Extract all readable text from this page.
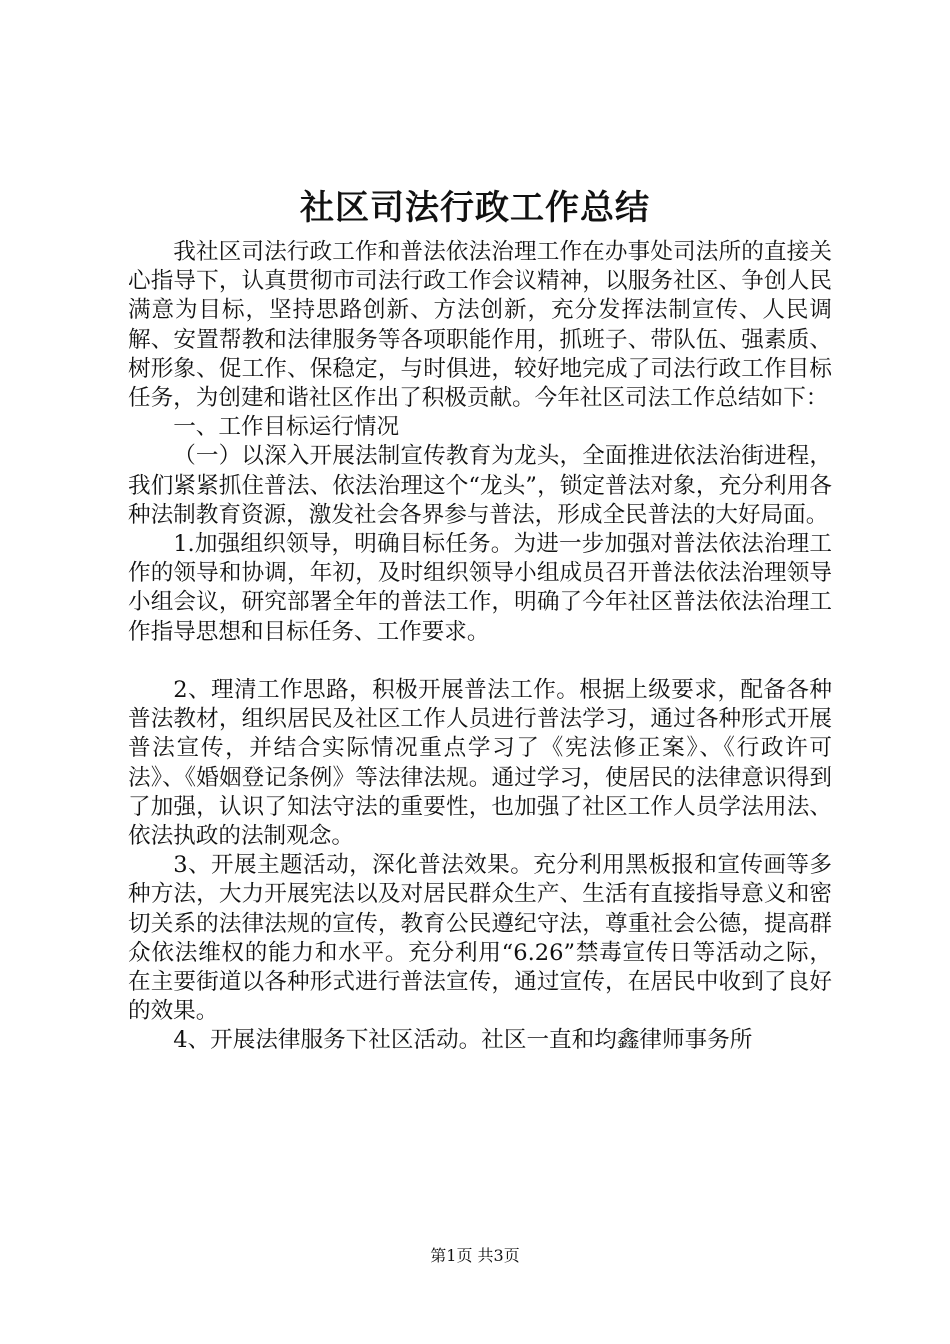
社区司法行政工作总结

我社区司法行政工作和普法依法治理工作在办事处司法所的直接关心指导下，认真贯彻市司法行政工作会议精神，以服务社区、争创人民满意为目标，坚持思路创新、方法创新，充分发挥法制宣传、人民调解、安置帮教和法律服务等各项职能作用，抓班子、带队伍、强素质、树形象、促工作、保稳定，与时俱进，较好地完成了司法行政工作目标任务，为创建和谐社区作出了积极贡献。今年社区司法工作总结如下：

一、工作目标运行情况

（一）以深入开展法制宣传教育为龙头，全面推进依法治街进程，我们紧紧抓住普法、依法治理这个“龙头”，锁定普法对象，充分利用各种法制教育资源，激发社会各界参与普法，形成全民普法的大好局面。

1.加强组织领导，明确目标任务。为进一步加强对普法依法治理工作的领导和协调，年初，及时组织领导小组成员召开普法依法治理领导小组会议，研究部署全年的普法工作，明确了今年社区普法依法治理工作指导思想和目标任务、工作要求。

2、理清工作思路，积极开展普法工作。根据上级要求，配备各种普法教材，组织居民及社区工作人员进行普法学习，通过各种形式开展普法宣传，并结合实际情况重点学习了《宪法修正案》、《行政许可法》、《婚姻登记条例》等法律法规。通过学习，使居民的法律意识得到了加强，认识了知法守法的重要性，也加强了社区工作人员学法用法、依法执政的法制观念。

3、开展主题活动，深化普法效果。充分利用黑板报和宣传画等多种方法，大力开展宪法以及对居民群众生产、生活有直接指导意义和密切关系的法律法规的宣传，教育公民遵纪守法，尊重社会公德，提高群众依法维权的能力和水平。充分利用“6.26”禁毒宣传日等活动之际，在主要街道以各种形式进行普法宣传，通过宣传，在居民中收到了良好的效果。

4、开展法律服务下社区活动。社区一直和均鑫律师事务所

第1页 共3页
